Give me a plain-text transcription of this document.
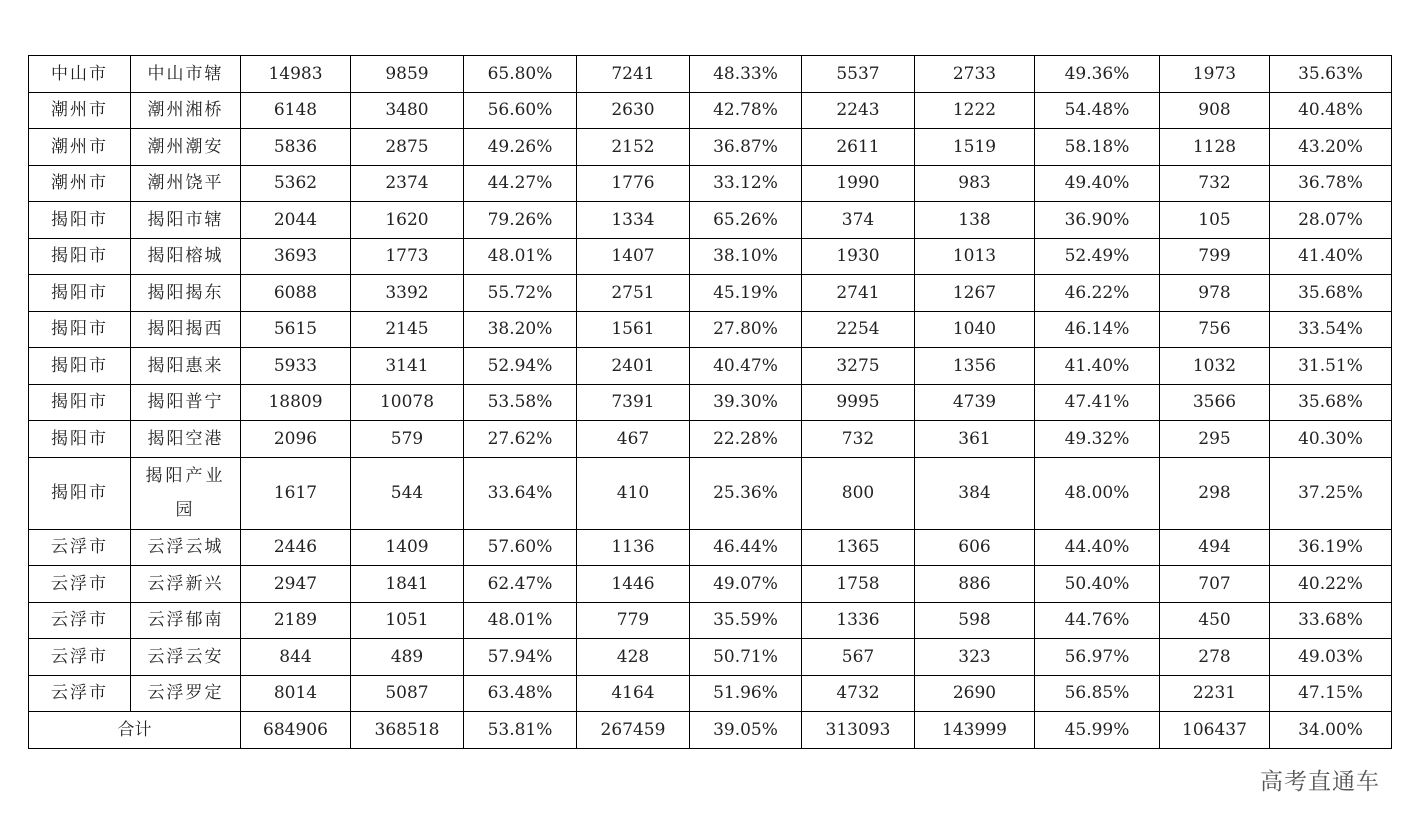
中山市	中山市辖	14983	9859	65.80%	7241	48.33%	5537	2733	49.36%	1973	35.63%
潮州市	潮州湘桥	6148	3480	56.60%	2630	42.78%	2243	1222	54.48%	908	40.48%
潮州市	潮州潮安	5836	2875	49.26%	2152	36.87%	2611	1519	58.18%	1128	43.20%
潮州市	潮州饶平	5362	2374	44.27%	1776	33.12%	1990	983	49.40%	732	36.78%
揭阳市	揭阳市辖	2044	1620	79.26%	1334	65.26%	374	138	36.90%	105	28.07%
揭阳市	揭阳榕城	3693	1773	48.01%	1407	38.10%	1930	1013	52.49%	799	41.40%
揭阳市	揭阳揭东	6088	3392	55.72%	2751	45.19%	2741	1267	46.22%	978	35.68%
揭阳市	揭阳揭西	5615	2145	38.20%	1561	27.80%	2254	1040	46.14%	756	33.54%
揭阳市	揭阳惠来	5933	3141	52.94%	2401	40.47%	3275	1356	41.40%	1032	31.51%
揭阳市	揭阳普宁	18809	10078	53.58%	7391	39.30%	9995	4739	47.41%	3566	35.68%
揭阳市	揭阳空港	2096	579	27.62%	467	22.28%	732	361	49.32%	295	40.30%
揭阳市	揭阳产业园	1617	544	33.64%	410	25.36%	800	384	48.00%	298	37.25%
云浮市	云浮云城	2446	1409	57.60%	1136	46.44%	1365	606	44.40%	494	36.19%
云浮市	云浮新兴	2947	1841	62.47%	1446	49.07%	1758	886	50.40%	707	40.22%
云浮市	云浮郁南	2189	1051	48.01%	779	35.59%	1336	598	44.76%	450	33.68%
云浮市	云浮云安	844	489	57.94%	428	50.71%	567	323	56.97%	278	49.03%
云浮市	云浮罗定	8014	5087	63.48%	4164	51.96%	4732	2690	56.85%	2231	47.15%
合计		684906	368518	53.81%	267459	39.05%	313093	143999	45.99%	106437	34.00%
高考直通车
